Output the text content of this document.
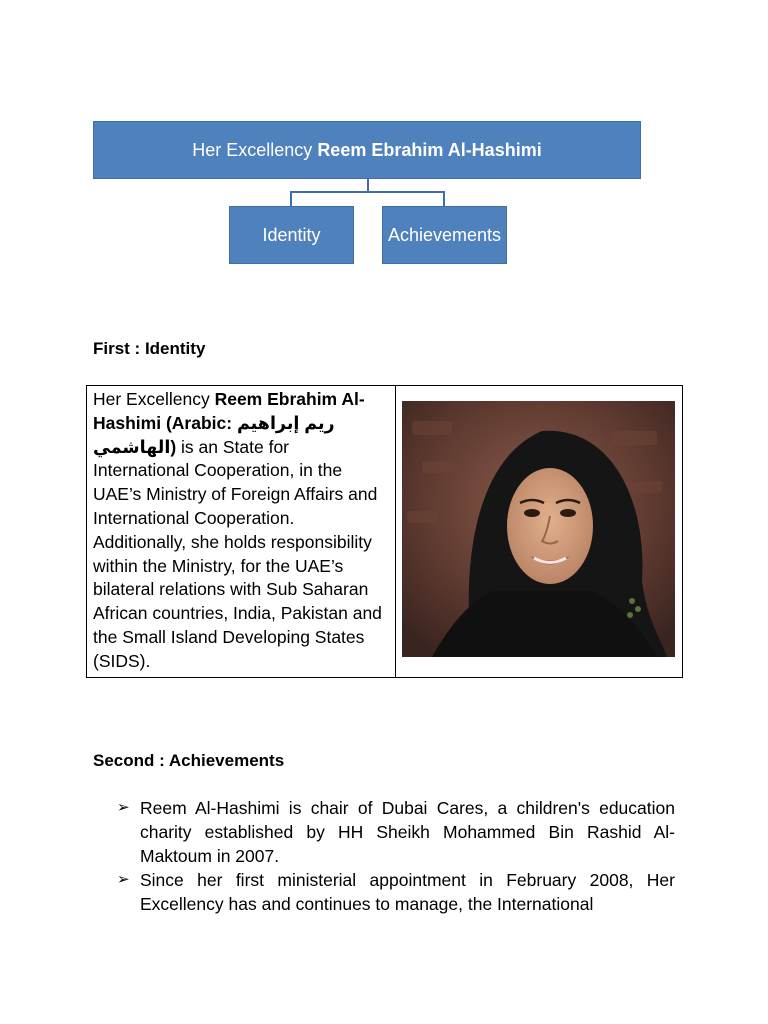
Her Excellency Reem Ebrahim Al-Hashimi
Identity	Achievements
First : Identity
Her Excellency Reem Ebrahim Al-Hashimi (Arabic: ريم إبراهيم الهاشمي) is an State for International Cooperation, in the UAE’s Ministry of Foreign Affairs and International Cooperation. Additionally, she holds responsibility within the Ministry, for the UAE’s bilateral relations with Sub Saharan African countries, India, Pakistan and the Small Island Developing States (SIDS).
Second : Achievements
➢ Reem Al-Hashimi is chair of Dubai Cares, a children's education charity established by HH Sheikh Mohammed Bin Rashid Al-Maktoum in 2007.
➢ Since her first ministerial appointment in February 2008, Her Excellency has and continues to manage, the International
